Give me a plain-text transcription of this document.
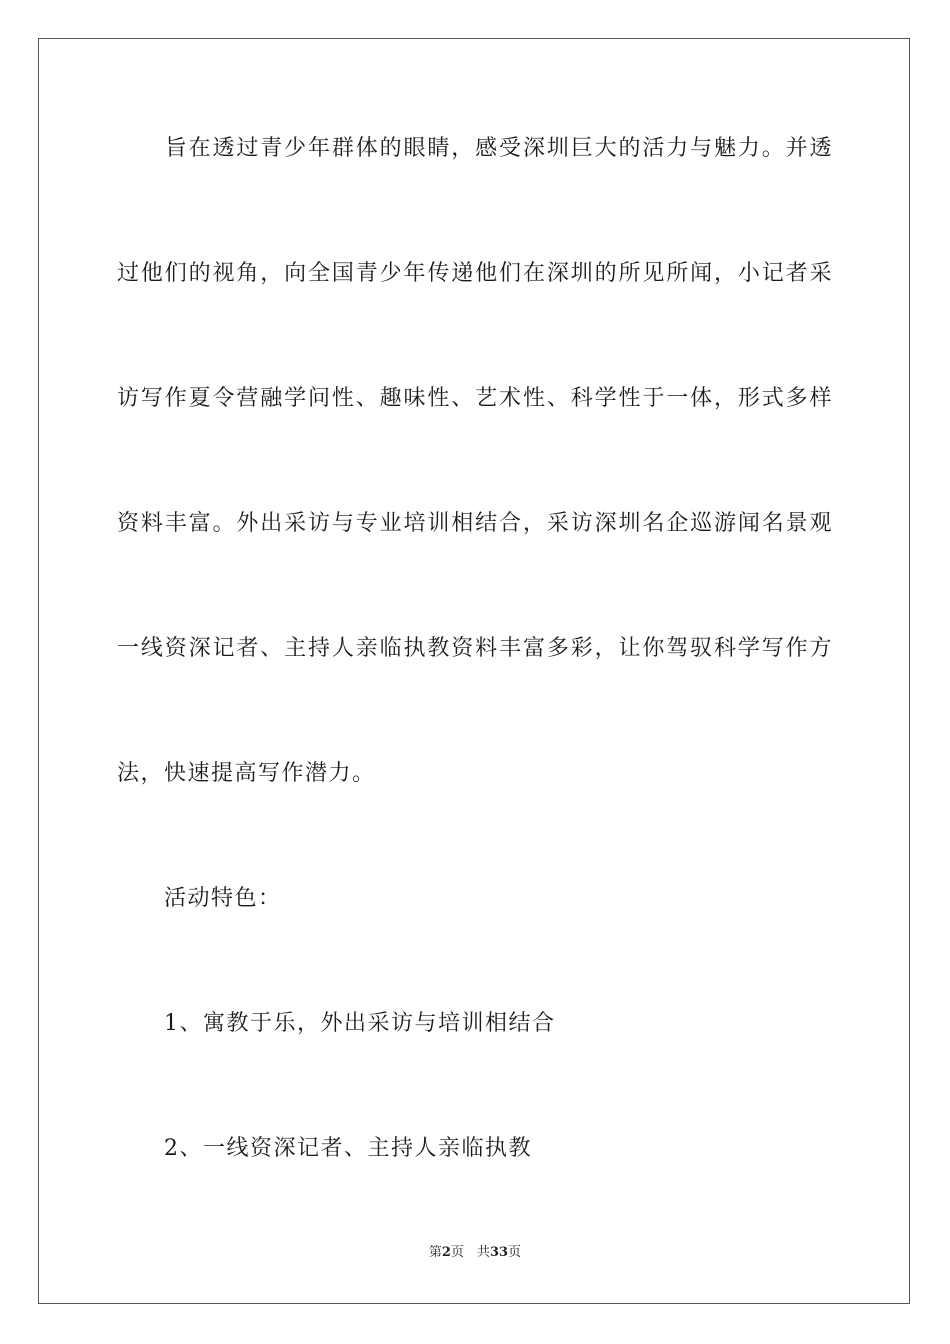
　　旨在透过青少年群体的眼睛，感受深圳巨大的活力与魅力。并透
过他们的视角，向全国青少年传递他们在深圳的所见所闻，小记者采
访写作夏令营融学问性、趣味性、艺术性、科学性于一体，形式多样
资料丰富。外出采访与专业培训相结合，采访深圳名企巡游闻名景观
一线资深记者、主持人亲临执教资料丰富多彩，让你驾驭科学写作方
法，快速提高写作潜力。
　　活动特色：
　　1、寓教于乐，外出采访与培训相结合
　　2、一线资深记者、主持人亲临执教
第2页  共33页
